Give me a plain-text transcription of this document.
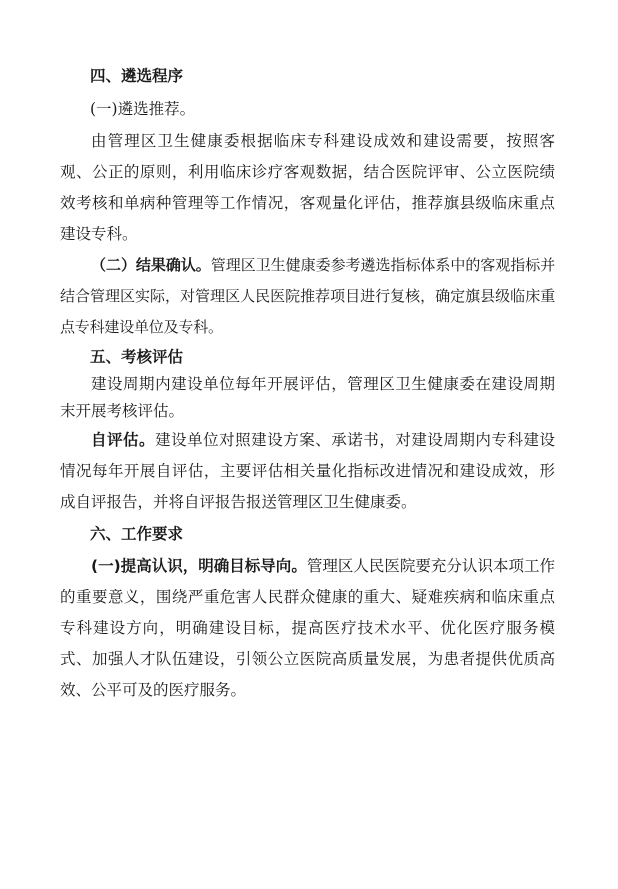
四、遴选程序
(一)遴选推荐。

由管理区卫生健康委根据临床专科建设成效和建设需要，按照客观、公正的原则，利用临床诊疗客观数据，结合医院评审、公立医院绩效考核和单病种管理等工作情况，客观量化评估，推荐旗县级临床重点建设专科。

（二）结果确认。管理区卫生健康委参考遴选指标体系中的客观指标并结合管理区实际，对管理区人民医院推荐项目进行复核，确定旗县级临床重点专科建设单位及专科。

五、考核评估

建设周期内建设单位每年开展评估，管理区卫生健康委在建设周期末开展考核评估。

自评估。建设单位对照建设方案、承诺书，对建设周期内专科建设情况每年开展自评估，主要评估相关量化指标改进情况和建设成效，形成自评报告，并将自评报告报送管理区卫生健康委。

六、工作要求

(一)提高认识，明确目标导向。管理区人民医院要充分认识本项工作的重要意义，围绕严重危害人民群众健康的重大、疑难疾病和临床重点专科建设方向，明确建设目标，提高医疗技术水平、优化医疗服务模式、加强人才队伍建设，引领公立医院高质量发展，为患者提供优质高效、公平可及的医疗服务。
